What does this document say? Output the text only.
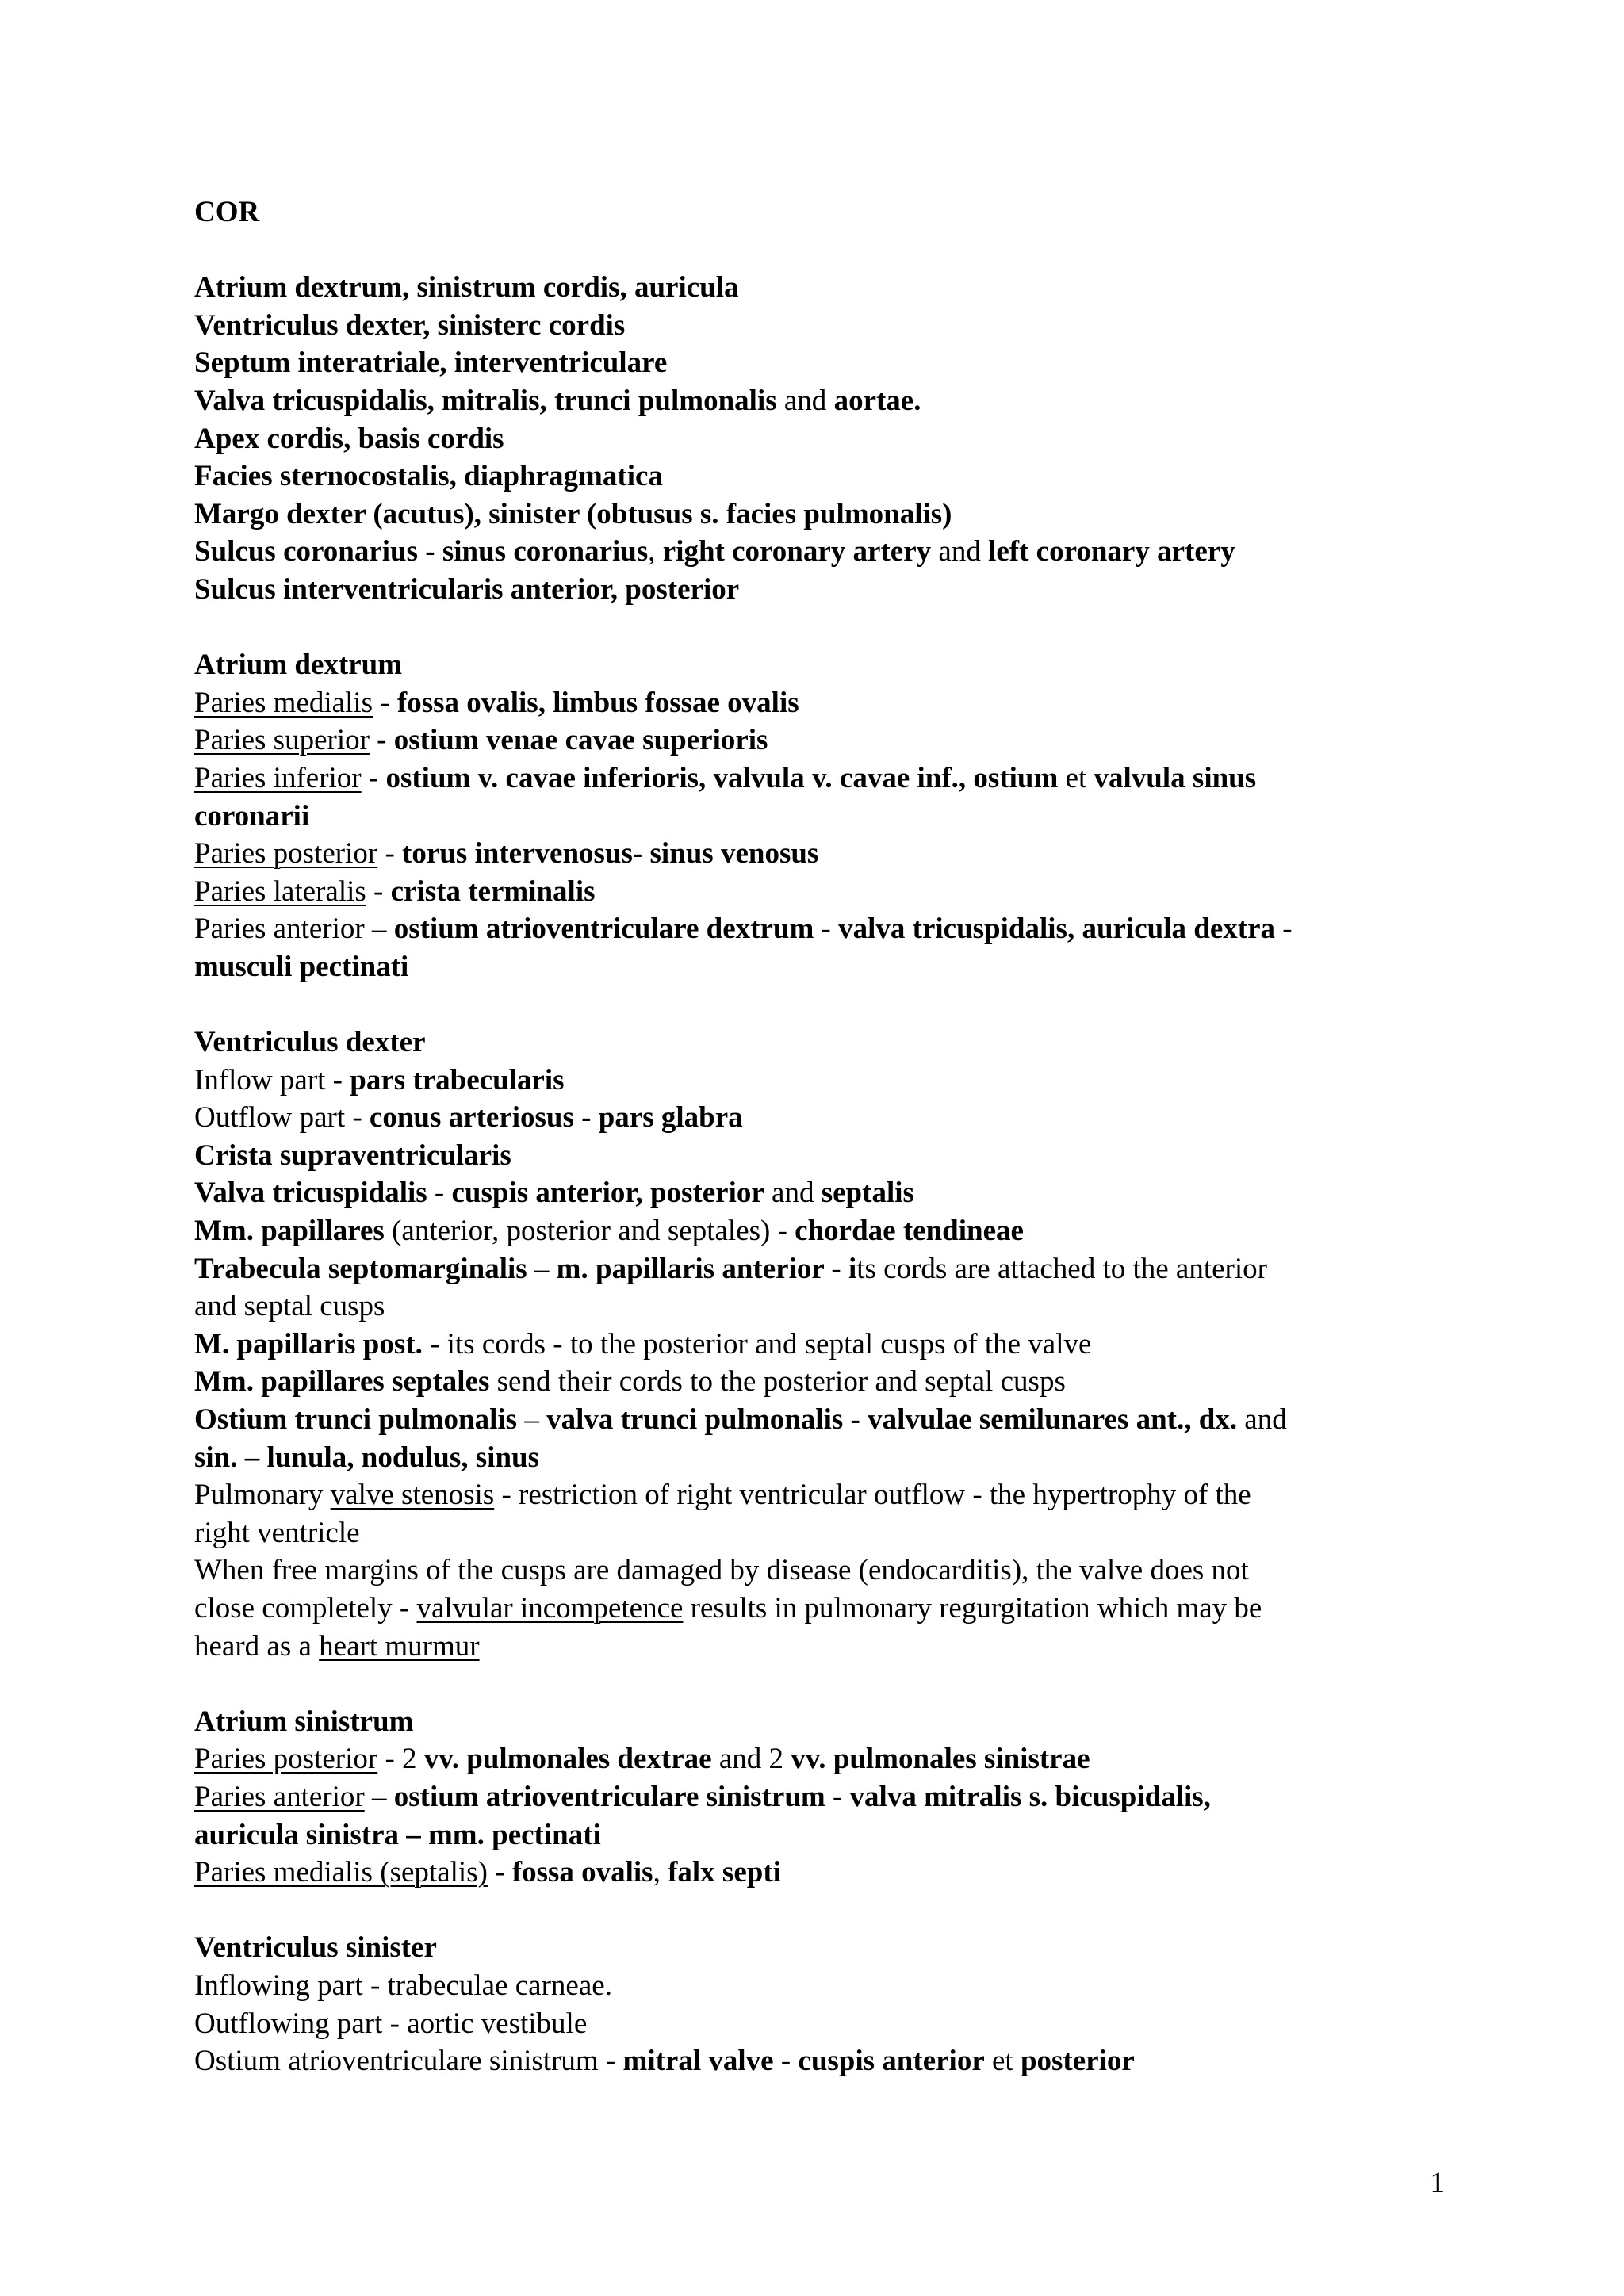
COR
Atrium dextrum, sinistrum cordis, auricula
Ventriculus dexter, sinisterc cordis
Septum interatriale, interventriculare
Valva tricuspidalis, mitralis, trunci pulmonalis and aortae.
Apex cordis, basis cordis
Facies sternocostalis, diaphragmatica
Margo dexter (acutus), sinister (obtusus s. facies pulmonalis)
Sulcus coronarius - sinus coronarius, right coronary artery and left coronary artery
Sulcus interventricularis anterior, posterior
Atrium dextrum
Paries medialis - fossa ovalis, limbus fossae ovalis
Paries superior - ostium venae cavae superioris
Paries inferior - ostium v. cavae inferioris, valvula v. cavae inf., ostium et valvula sinus
coronarii
Paries posterior - torus intervenosus- sinus venosus
Paries lateralis - crista terminalis
Paries anterior – ostium atrioventriculare dextrum - valva tricuspidalis, auricula dextra -
musculi pectinati
Ventriculus dexter
Inflow part - pars trabecularis
Outflow part - conus arteriosus - pars glabra
Crista supraventricularis
Valva tricuspidalis - cuspis anterior, posterior and septalis
Mm. papillares (anterior, posterior and septales) - chordae tendineae
Trabecula septomarginalis – m. papillaris anterior - its cords are attached to the anterior
and septal cusps
M. papillaris post. - its cords - to the posterior and septal cusps of the valve
Mm. papillares septales send their cords to the posterior and septal cusps
Ostium trunci pulmonalis – valva trunci pulmonalis - valvulae semilunares ant., dx. and
sin. – lunula, nodulus, sinus
Pulmonary valve stenosis - restriction of right ventricular outflow - the hypertrophy of the
right ventricle
When free margins of the cusps are damaged by disease (endocarditis), the valve does not
close completely - valvular incompetence results in pulmonary regurgitation which may be
heard as a heart murmur
Atrium sinistrum
Paries posterior - 2 vv. pulmonales dextrae and 2 vv. pulmonales sinistrae
Paries anterior – ostium atrioventriculare sinistrum - valva mitralis s. bicuspidalis,
auricula sinistra – mm. pectinati
Paries medialis (septalis) - fossa ovalis, falx septi
Ventriculus sinister
Inflowing part - trabeculae carneae.
Outflowing part - aortic vestibule
Ostium atrioventriculare sinistrum - mitral valve - cuspis anterior et posterior
1
